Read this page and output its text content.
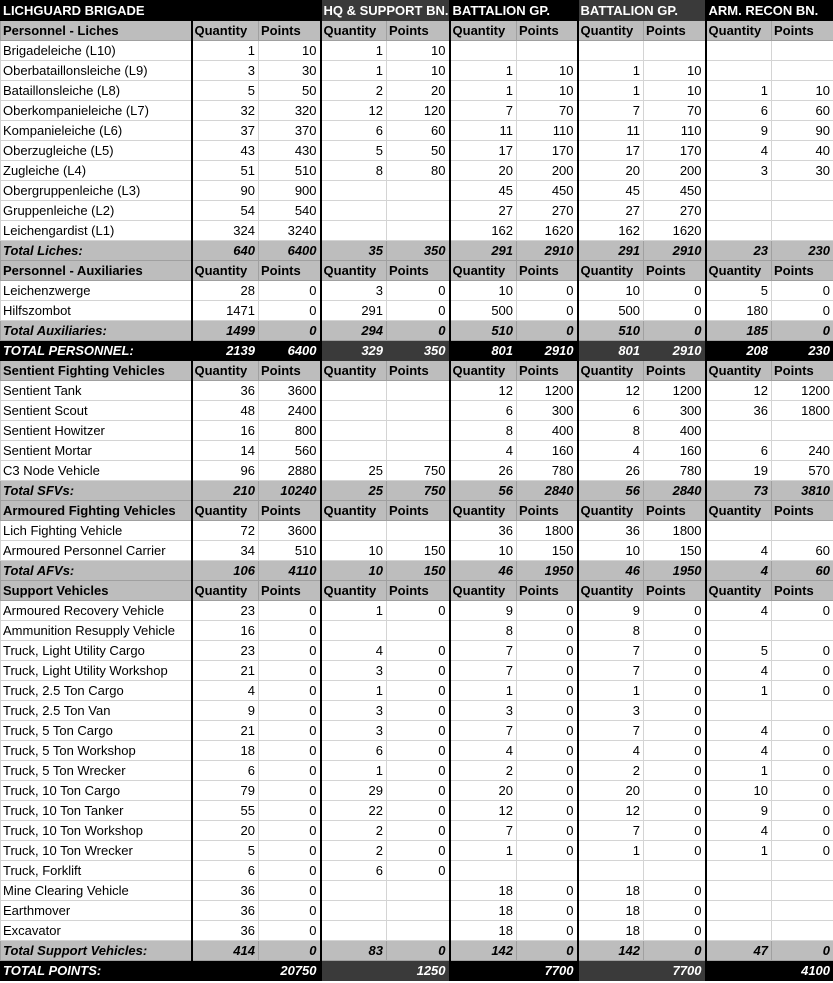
LICHGUARD BRIGADE			HQ & SUPPORT BN.		BATTALION GP.		BATTALION GP.		ARM. RECON BN.	
Personnel - Liches	Quantity	Points	Quantity	Points	Quantity	Points	Quantity	Points	Quantity	Points
Brigadeleiche (L10)	1	10	1	10						
Oberbataillonsleiche (L9)	3	30	1	10	1	10	1	10		
Bataillonsleiche (L8)	5	50	2	20	1	10	1	10	1	10
Oberkompanieleiche (L7)	32	320	12	120	7	70	7	70	6	60
Kompanieleiche (L6)	37	370	6	60	11	110	11	110	9	90
Oberzugleiche (L5)	43	430	5	50	17	170	17	170	4	40
Zugleiche (L4)	51	510	8	80	20	200	20	200	3	30
Obergruppenleiche (L3)	90	900			45	450	45	450		
Gruppenleiche (L2)	54	540			27	270	27	270		
Leichengardist (L1)	324	3240			162	1620	162	1620		
Total Liches:	640	6400	35	350	291	2910	291	2910	23	230
Personnel - Auxiliaries	Quantity	Points	Quantity	Points	Quantity	Points	Quantity	Points	Quantity	Points
Leichenzwerge	28	0	3	0	10	0	10	0	5	0
Hilfszombot	1471	0	291	0	500	0	500	0	180	0
Total Auxiliaries:	1499	0	294	0	510	0	510	0	185	0
TOTAL PERSONNEL:	2139	6400	329	350	801	2910	801	2910	208	230
Sentient Fighting Vehicles	Quantity	Points	Quantity	Points	Quantity	Points	Quantity	Points	Quantity	Points
Sentient Tank	36	3600			12	1200	12	1200	12	1200
Sentient Scout	48	2400			6	300	6	300	36	1800
Sentient Howitzer	16	800			8	400	8	400		
Sentient Mortar	14	560			4	160	4	160	6	240
C3 Node Vehicle	96	2880	25	750	26	780	26	780	19	570
Total SFVs:	210	10240	25	750	56	2840	56	2840	73	3810
Armoured Fighting Vehicles	Quantity	Points	Quantity	Points	Quantity	Points	Quantity	Points	Quantity	Points
Lich Fighting Vehicle	72	3600			36	1800	36	1800		
Armoured Personnel Carrier	34	510	10	150	10	150	10	150	4	60
Total AFVs:	106	4110	10	150	46	1950	46	1950	4	60
Support Vehicles	Quantity	Points	Quantity	Points	Quantity	Points	Quantity	Points	Quantity	Points
Armoured Recovery Vehicle	23	0	1	0	9	0	9	0	4	0
Ammunition Resupply Vehicle	16	0			8	0	8	0		
Truck, Light Utility Cargo	23	0	4	0	7	0	7	0	5	0
Truck, Light Utility Workshop	21	0	3	0	7	0	7	0	4	0
Truck, 2.5 Ton Cargo	4	0	1	0	1	0	1	0	1	0
Truck, 2.5 Ton Van	9	0	3	0	3	0	3	0		
Truck, 5 Ton Cargo	21	0	3	0	7	0	7	0	4	0
Truck, 5 Ton Workshop	18	0	6	0	4	0	4	0	4	0
Truck, 5 Ton Wrecker	6	0	1	0	2	0	2	0	1	0
Truck, 10 Ton Cargo	79	0	29	0	20	0	20	0	10	0
Truck, 10 Ton Tanker	55	0	22	0	12	0	12	0	9	0
Truck, 10 Ton Workshop	20	0	2	0	7	0	7	0	4	0
Truck, 10 Ton Wrecker	5	0	2	0	1	0	1	0	1	0
Truck, Forklift	6	0	6	0						
Mine Clearing Vehicle	36	0			18	0	18	0		
Earthmover	36	0			18	0	18	0		
Excavator	36	0			18	0	18	0		
Total Support Vehicles:	414	0	83	0	142	0	142	0	47	0
TOTAL POINTS:		20750		1250		7700		7700		4100
